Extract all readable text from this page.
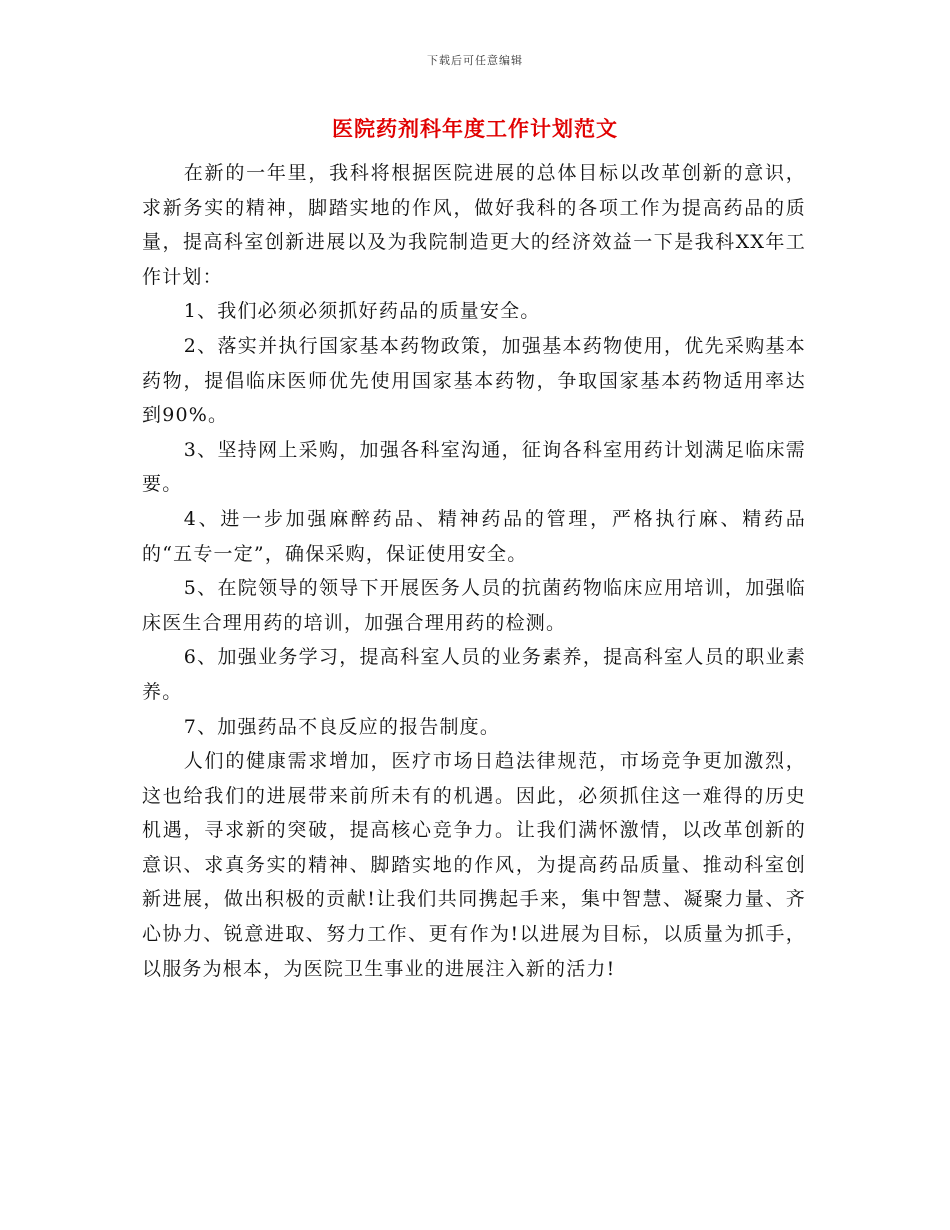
下载后可任意编辑
医院药剂科年度工作计划范文

在新的一年里，我科将根据医院进展的总体目标以改革创新的意识，求新务实的精神，脚踏实地的作风，做好我科的各项工作为提高药品的质量，提高科室创新进展以及为我院制造更大的经济效益一下是我科XX年工作计划：

1、我们必须必须抓好药品的质量安全。

2、落实并执行国家基本药物政策，加强基本药物使用，优先采购基本药物，提倡临床医师优先使用国家基本药物，争取国家基本药物适用率达到90%。

3、坚持网上采购，加强各科室沟通，征询各科室用药计划满足临床需要。

4、进一步加强麻醉药品、精神药品的管理，严格执行麻、精药品的“五专一定”，确保采购，保证使用安全。

5、在院领导的领导下开展医务人员的抗菌药物临床应用培训，加强临床医生合理用药的培训，加强合理用药的检测。

6、加强业务学习，提高科室人员的业务素养，提高科室人员的职业素养。

7、加强药品不良反应的报告制度。

人们的健康需求增加，医疗市场日趋法律规范，市场竞争更加激烈，这也给我们的进展带来前所未有的机遇。因此，必须抓住这一难得的历史机遇，寻求新的突破，提高核心竞争力。让我们满怀激情，以改革创新的意识、求真务实的精神、脚踏实地的作风，为提高药品质量、推动科室创新进展，做出积极的贡献!让我们共同携起手来，集中智慧、凝聚力量、齐心协力、锐意进取、努力工作、更有作为!以进展为目标，以质量为抓手，以服务为根本，为医院卫生事业的进展注入新的活力!
